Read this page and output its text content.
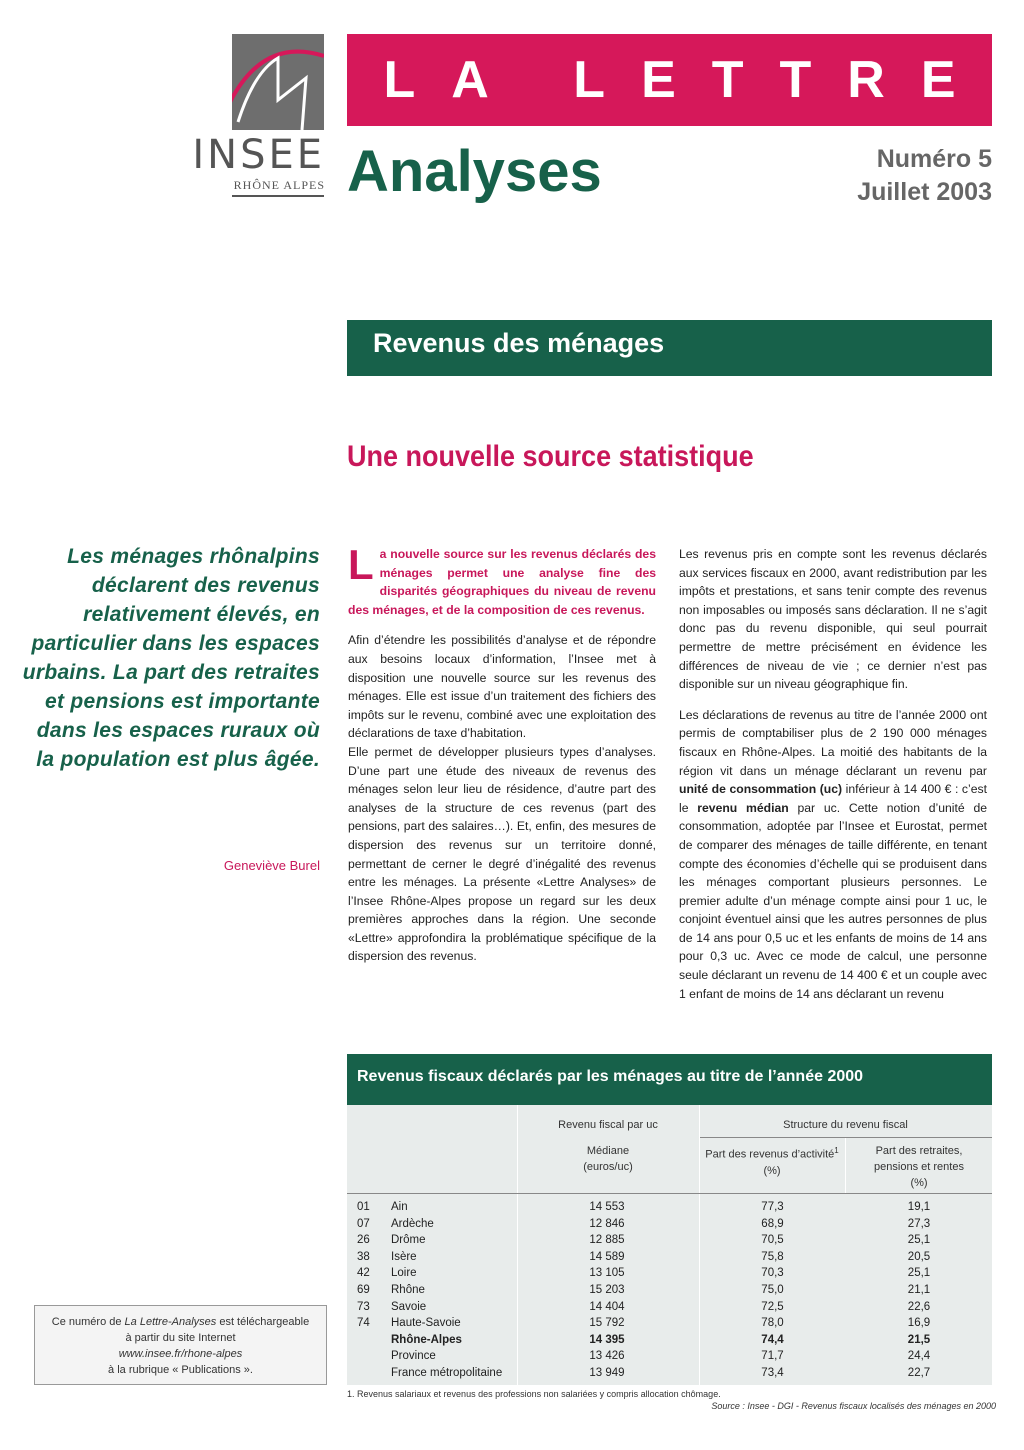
INSEE
RHÔNE ALPES
LA LETTRE
Analyses	Numéro 5
Juillet 2003
Revenus des ménages
Une nouvelle source statistique
Les ménages rhônalpins déclarent des revenus relativement élevés, en particulier dans les espaces urbains. La part des retraites et pensions est importante dans les espaces ruraux où la population est plus âgée.
Geneviève Burel

La nouvelle source sur les revenus déclarés des ménages permet une analyse fine des disparités géographiques du niveau de revenu des ménages, et de la composition de ces revenus.

Afin d’étendre les possibilités d’analyse et de répondre aux besoins locaux d’information, l’Insee met à disposition une nouvelle source sur les revenus des ménages. Elle est issue d’un traitement des fichiers des impôts sur le revenu, combiné avec une exploitation des déclarations de taxe d’habitation.

Elle permet de développer plusieurs types d’analyses. D’une part une étude des niveaux de revenus des ménages selon leur lieu de résidence, d’autre part des analyses de la structure de ces revenus (part des pensions, part des salaires…). Et, enfin, des mesures de dispersion des revenus sur un territoire donné, permettant de cerner le degré d’inégalité des revenus entre les ménages. La présente «Lettre Analyses» de l’Insee Rhône-Alpes propose un regard sur les deux premières approches dans la région. Une seconde «Lettre» approfondira la problématique spécifique de la dispersion des revenus.

Les revenus pris en compte sont les revenus déclarés aux services fiscaux en 2000, avant redistribution par les impôts et prestations, et sans tenir compte des revenus non imposables ou imposés sans déclaration. Il ne s’agit donc pas du revenu disponible, qui seul pourrait permettre de mettre précisément en évidence les différences de niveau de vie ; ce dernier n’est pas disponible sur un niveau géographique fin.

Les déclarations de revenus au titre de l’année 2000 ont permis de comptabiliser plus de 2 190 000 ménages fiscaux en Rhône-Alpes. La moitié des habitants de la région vit dans un ménage déclarant un revenu par unité de consommation (uc) inférieur à 14 400 € : c’est le revenu médian par uc. Cette notion d’unité de consommation, adoptée par l’Insee et Eurostat, permet de comparer des ménages de taille différente, en tenant compte des économies d’échelle qui se produisent dans les ménages comportant plusieurs personnes. Le premier adulte d’un ménage compte ainsi pour 1 uc, le conjoint éventuel ainsi que les autres personnes de plus de 14 ans pour 0,5 uc et les enfants de moins de 14 ans pour 0,3 uc. Avec ce mode de calcul, une personne seule déclarant un revenu de 14 400 € et un couple avec 1 enfant de moins de 14 ans déclarant un revenu

Ce numéro de La Lettre-Analyses est téléchargeable
à partir du site Internet
www.insee.fr/rhone-alpes
à la rubrique « Publications ».
Revenus fiscaux déclarés par les ménages au titre de l’année 2000
Revenu fiscal par uc	Structure du revenu fiscal
Médiane
(euros/uc)
Part des revenus d’activité$^1$
(%)
Part des retraites, pensions et rentes
(%)
01 Ain	14 553	77,3	19,1
07 Ardèche	12 846	68,9	27,3
26 Drôme	12 885	70,5	25,1
38 Isère	14 589	75,8	20,5
42 Loire	13 105	70,3	25,1
69 Rhône	15 203	75,0	21,1
73 Savoie	14 404	72,5	22,6
74 Haute-Savoie	15 792	78,0	16,9
Rhône-Alpes	14 395	74,4	21,5
Province	13 426	71,7	24,4
France métropolitaine	13 949	73,4	22,7
1. Revenus salariaux et revenus des professions non salariées y compris allocation chômage.
Source : Insee - DGI - Revenus fiscaux localisés des ménages en 2000
